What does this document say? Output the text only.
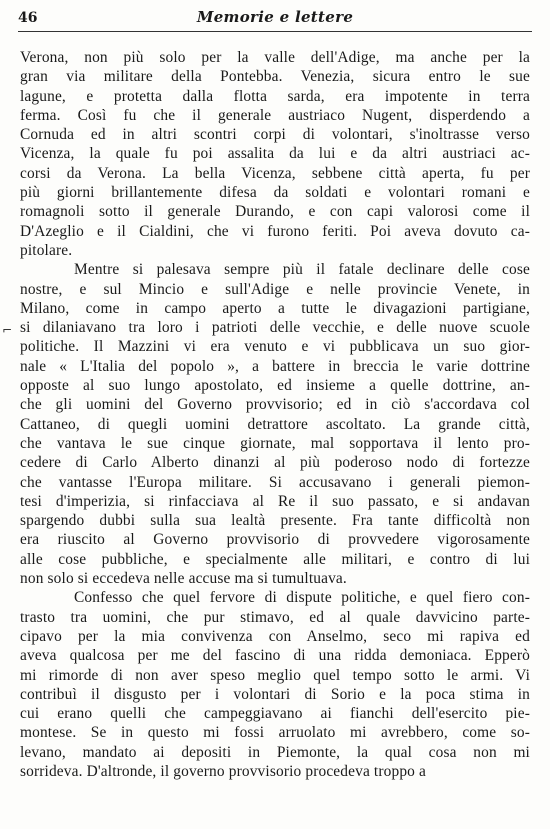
46	Memorie e lettere
⌐
Verona, non più solo per la valle dell'Adige, ma anche per la
gran via militare della Pontebba. Venezia, sicura entro le sue
lagune, e protetta dalla flotta sarda, era impotente in terra
ferma. Così fu che il generale austriaco Nugent, disperdendo a
Cornuda ed in altri scontri corpi di volontari, s'inoltrasse verso
Vicenza, la quale fu poi assalita da lui e da altri austriaci ac-
corsi da Verona. La bella Vicenza, sebbene città aperta, fu per
più giorni brillantemente difesa da soldati e volontari romani e
romagnoli sotto il generale Durando, e con capi valorosi come il
D'Azeglio e il Cialdini, che vi furono feriti. Poi aveva dovuto ca-
pitolare.
Mentre si palesava sempre più il fatale declinare delle cose
nostre, e sul Mincio e sull'Adige e nelle provincie Venete, in
Milano, come in campo aperto a tutte le divagazioni partigiane,
si dilaniavano tra loro i patrioti delle vecchie, e delle nuove scuole
politiche. Il Mazzini vi era venuto e vi pubblicava un suo gior-
nale « L'Italia del popolo », a battere in breccia le varie dottrine
opposte al suo lungo apostolato, ed insieme a quelle dottrine, an-
che gli uomini del Governo provvisorio; ed in ciò s'accordava col
Cattaneo, di quegli uomini detrattore ascoltato. La grande città,
che vantava le sue cinque giornate, mal sopportava il lento pro-
cedere di Carlo Alberto dinanzi al più poderoso nodo di fortezze
che vantasse l'Europa militare. Si accusavano i generali piemon-
tesi d'imperizia, si rinfacciava al Re il suo passato, e si andavan
spargendo dubbi sulla sua lealtà presente. Fra tante difficoltà non
era riuscito al Governo provvisorio di provvedere vigorosamente
alle cose pubbliche, e specialmente alle militari, e contro di lui
non solo si eccedeva nelle accuse ma si tumultuava.
Confesso che quel fervore di dispute politiche, e quel fiero con-
trasto tra uomini, che pur stimavo, ed al quale davvicino parte-
cipavo per la mia convivenza con Anselmo, seco mi rapiva ed
aveva qualcosa per me del fascino di una ridda demoniaca. Epperò
mi rimorde di non aver speso meglio quel tempo sotto le armi. Vi
contribuì il disgusto per i volontari di Sorio e la poca stima in
cui erano quelli che campeggiavano ai fianchi dell'esercito pie-
montese. Se in questo mi fossi arruolato mi avrebbero, come so-
levano, mandato ai depositi in Piemonte, la qual cosa non mi
sorrideva. D'altronde, il governo provvisorio procedeva troppo a
